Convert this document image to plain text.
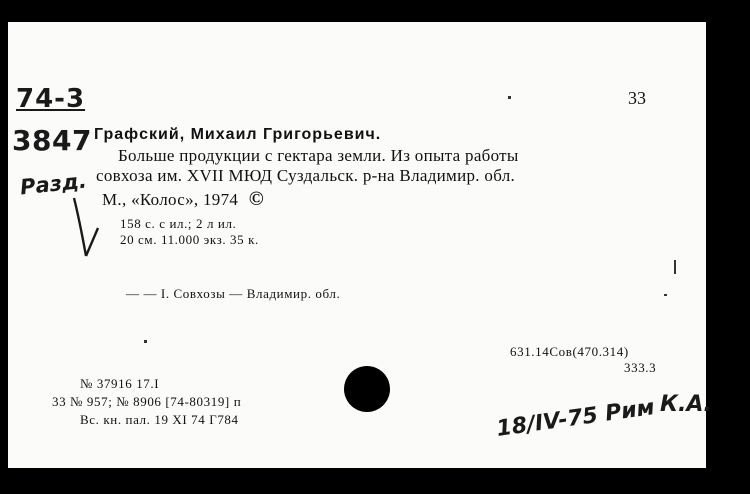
74-3
3847
Разд.
33
Графский, Михаил Григорьевич.
Больше продукции с гектара земли. Из опыта работы
совхоза им. XVII МЮД Суздальск. р-на Владимир. обл.
М., «Колос», 1974 ©
158 с. с ил.; 2 л ил.
20 см. 11.000 экз. 35 к.
— — I. Совхозы — Владимир. обл.
631.14Сов(470.314)
333.3
№ 37916 17.I
33 № 957; № 8906 [74-80319] п
Вс. кн. пал. 19 XI 74 Г784	18/IV-75 Рим К.А.
